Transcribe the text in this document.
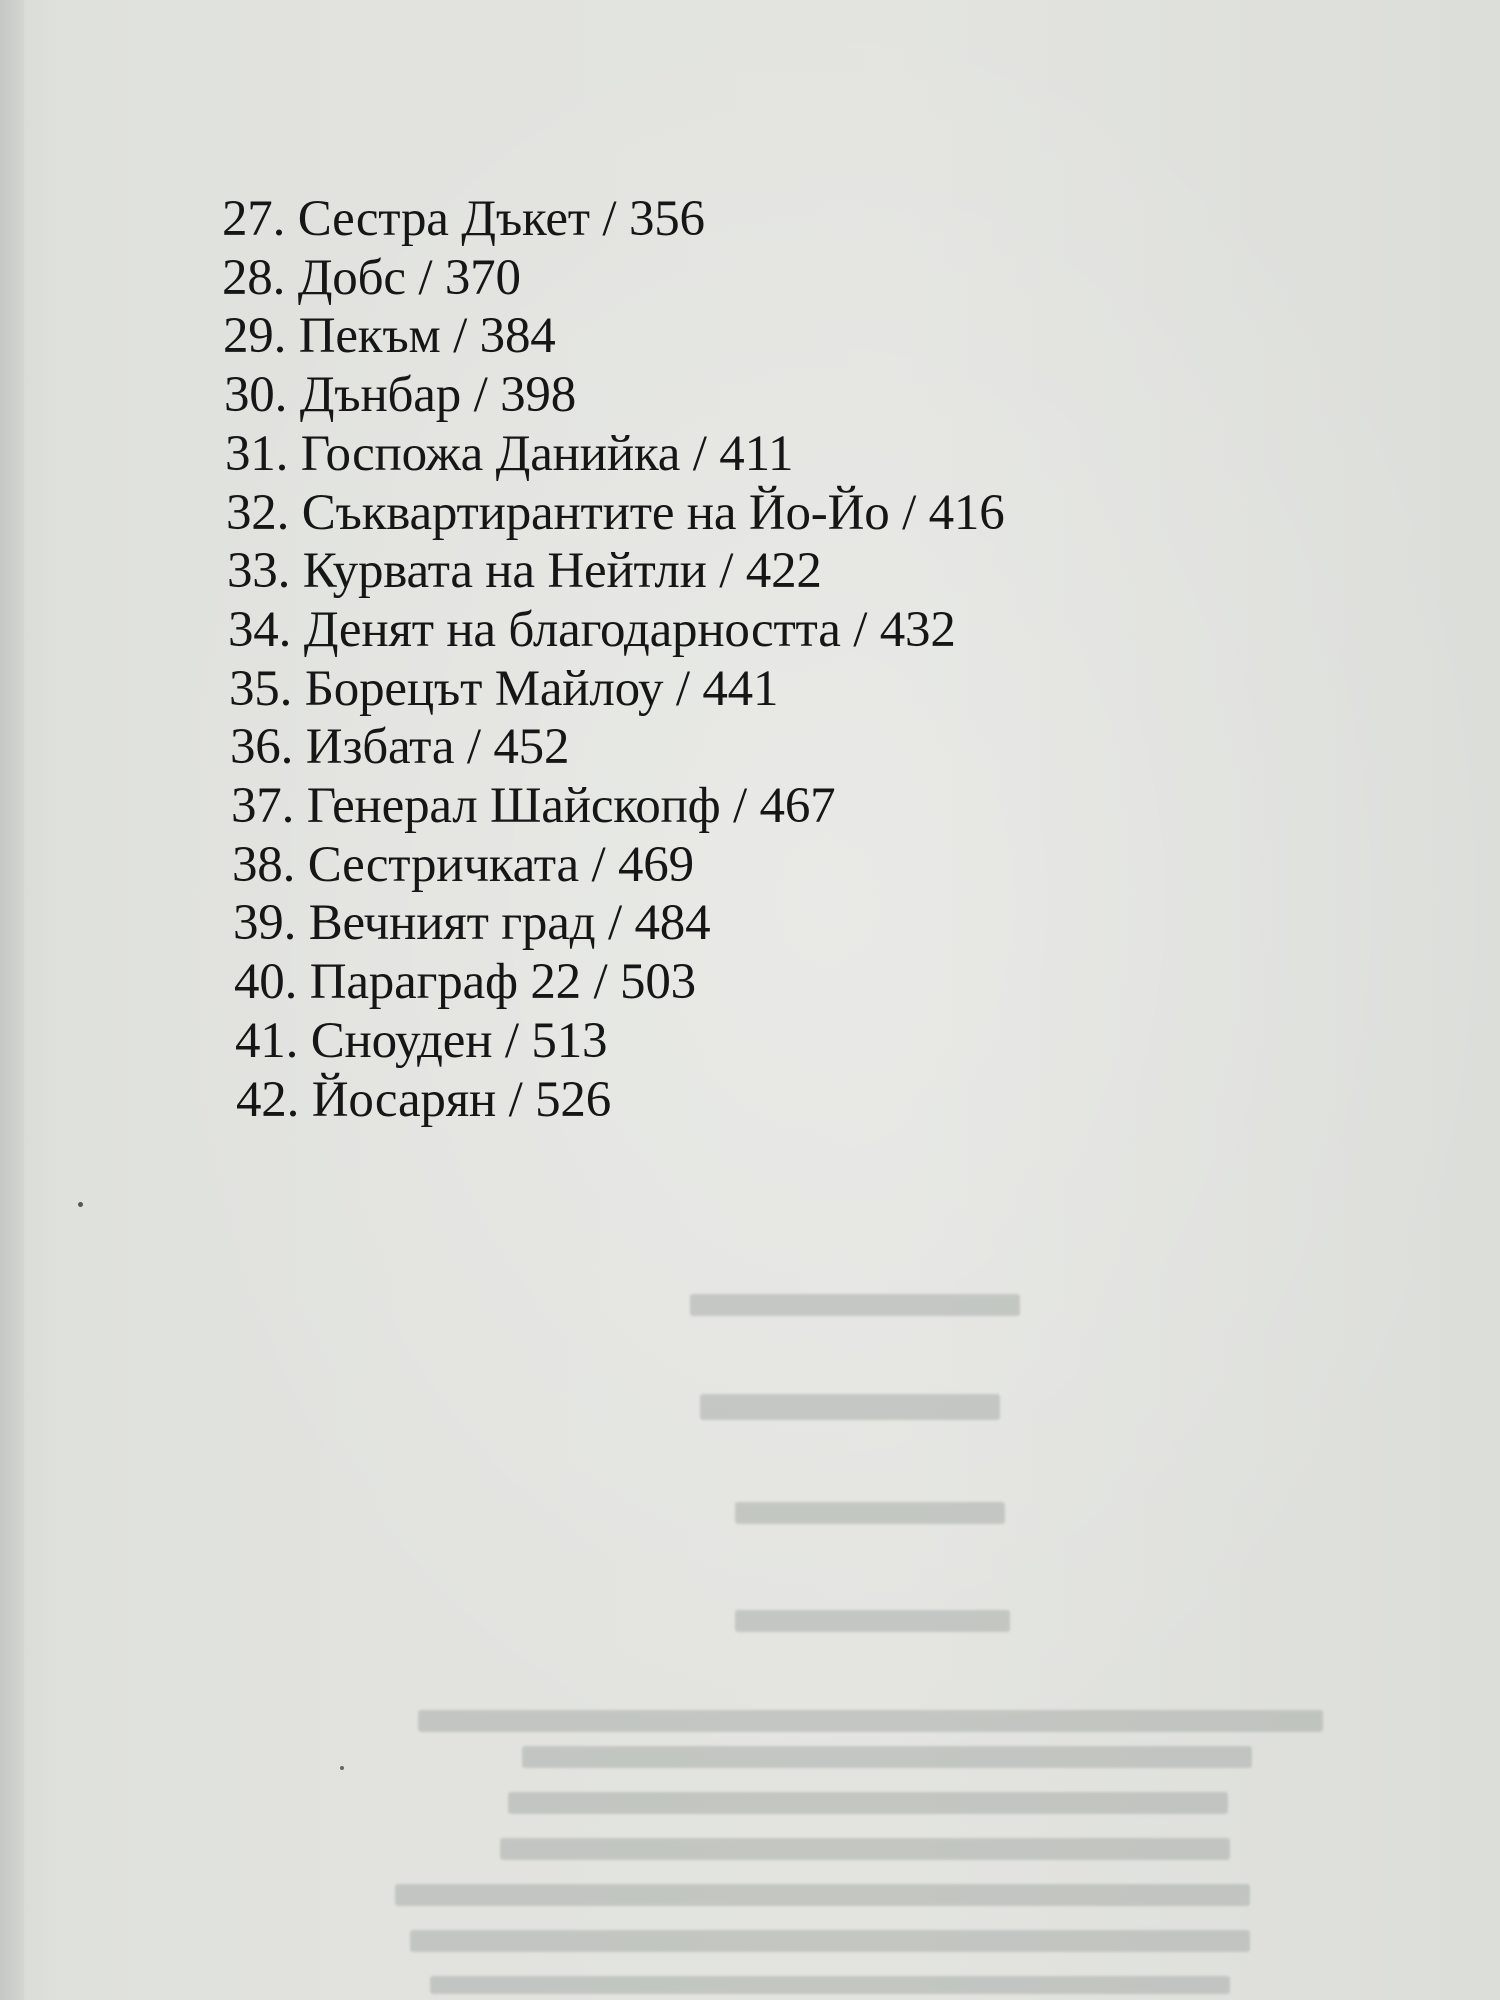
27. Сестра Дъкет / 356
28. Добс / 370
29. Пекъм / 384
30. Дънбар / 398
31. Госпожа Данийка / 411
32. Съквартирантите на Йо-Йо / 416
33. Курвата на Нейтли / 422
34. Денят на благодарността / 432
35. Борецът Майлоу / 441
36. Избата / 452
37. Генерал Шайскопф / 467
38. Сестричката / 469
39. Вечният град / 484
40. Параграф 22 / 503
41. Сноуден / 513
42. Йосарян / 526
